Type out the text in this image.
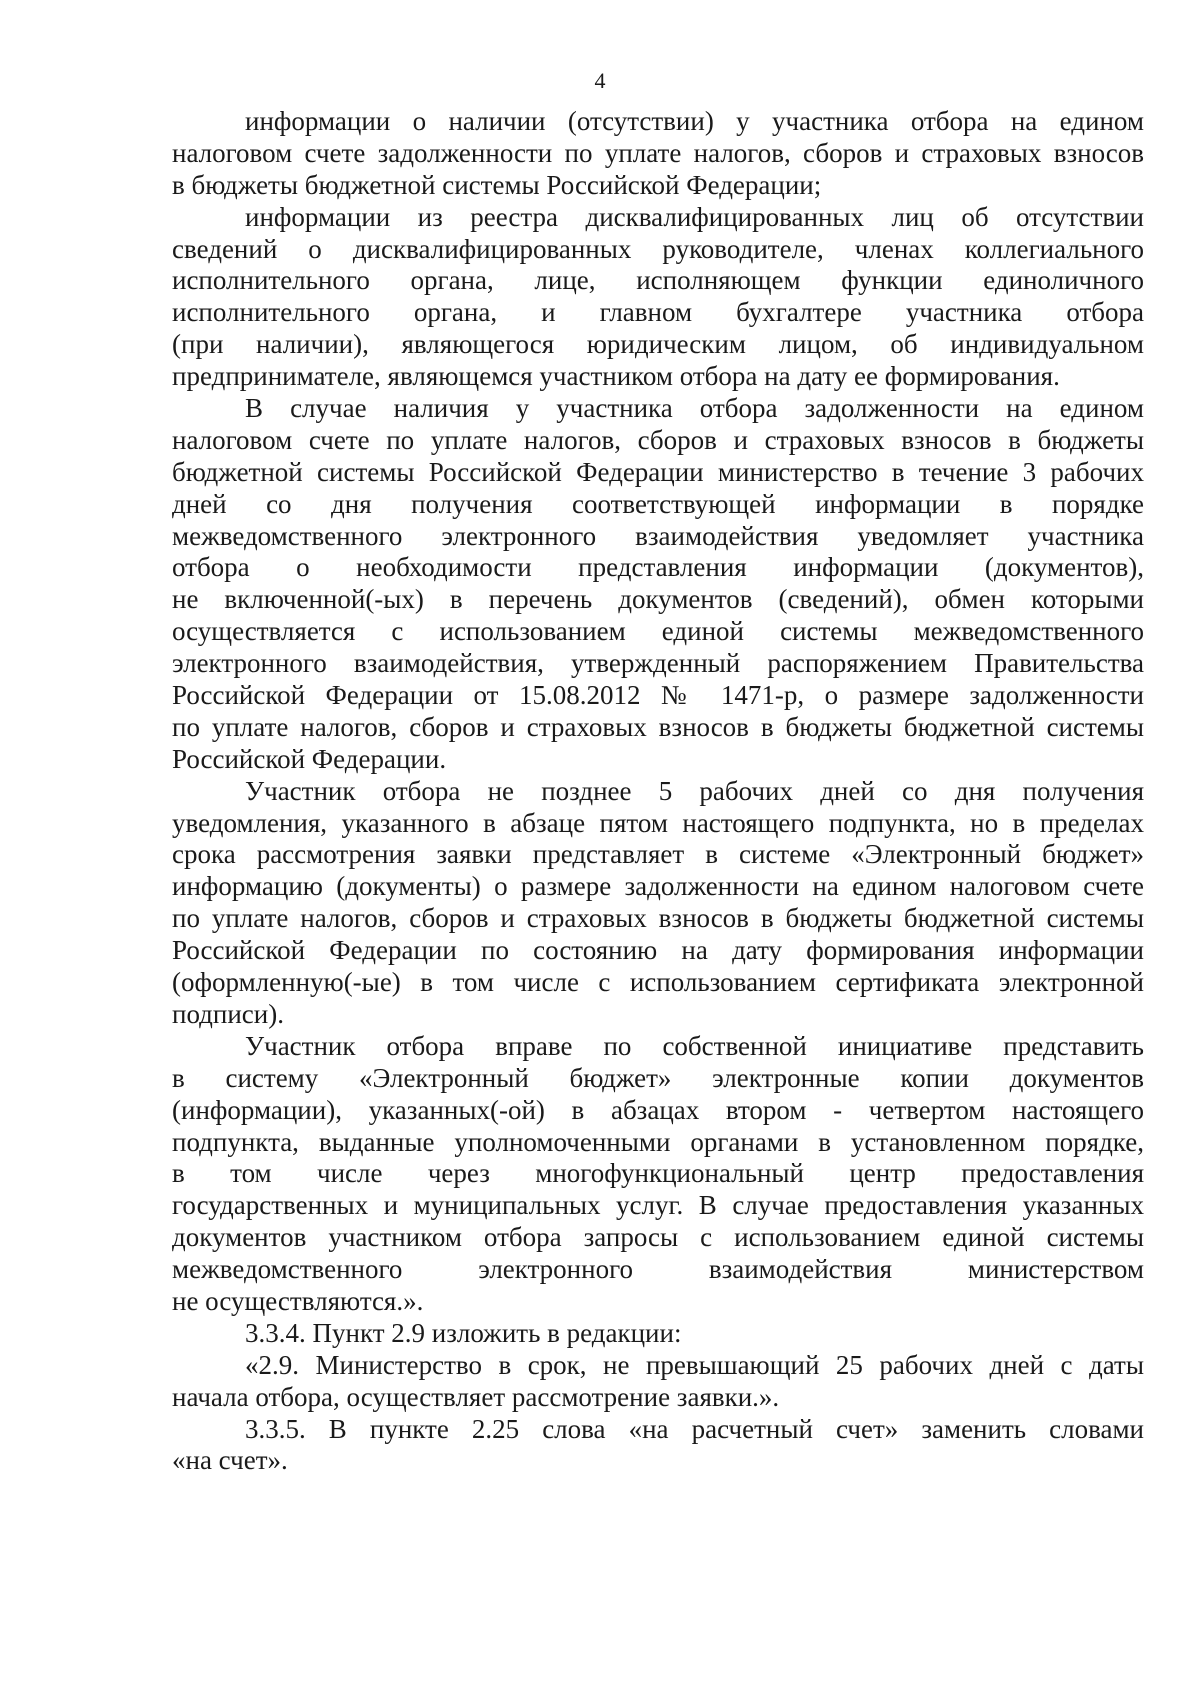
4
информации о наличии (отсутствии) у участника отбора на едином
налоговом счете задолженности по уплате налогов, сборов и страховых взносов
в бюджеты бюджетной системы Российской Федерации;
информации из реестра дисквалифицированных лиц об отсутствии
сведений о дисквалифицированных руководителе, членах коллегиального
исполнительного органа, лице, исполняющем функции единоличного
исполнительного органа, и главном бухгалтере участника отбора
(при наличии), являющегося юридическим лицом, об индивидуальном
предпринимателе, являющемся участником отбора на дату ее формирования.
В случае наличия у участника отбора задолженности на едином
налоговом счете по уплате налогов, сборов и страховых взносов в бюджеты
бюджетной системы Российской Федерации министерство в течение 3 рабочих
дней со дня получения соответствующей информации в порядке
межведомственного электронного взаимодействия уведомляет участника
отбора о необходимости представления информации (документов),
не включенной(-ых) в перечень документов (сведений), обмен которыми
осуществляется с использованием единой системы межведомственного
электронного взаимодействия, утвержденный распоряжением Правительства
Российской Федерации от 15.08.2012 № 1471-р, о размере задолженности
по уплате налогов, сборов и страховых взносов в бюджеты бюджетной системы
Российской Федерации.
Участник отбора не позднее 5 рабочих дней со дня получения
уведомления, указанного в абзаце пятом настоящего подпункта, но в пределах
срока рассмотрения заявки представляет в системе «Электронный бюджет»
информацию (документы) о размере задолженности на едином налоговом счете
по уплате налогов, сборов и страховых взносов в бюджеты бюджетной системы
Российской Федерации по состоянию на дату формирования информации
(оформленную(-ые) в том числе с использованием сертификата электронной
подписи).
Участник отбора вправе по собственной инициативе представить
в систему «Электронный бюджет» электронные копии документов
(информации), указанных(-ой) в абзацах втором - четвертом настоящего
подпункта, выданные уполномоченными органами в установленном порядке,
в том числе через многофункциональный центр предоставления
государственных и муниципальных услуг. В случае предоставления указанных
документов участником отбора запросы с использованием единой системы
межведомственного электронного взаимодействия министерством
не осуществляются.».
3.3.4. Пункт 2.9 изложить в редакции:
«2.9. Министерство в срок, не превышающий 25 рабочих дней с даты
начала отбора, осуществляет рассмотрение заявки.».
3.3.5. В пункте 2.25 слова «на расчетный счет» заменить словами
«на счет».
